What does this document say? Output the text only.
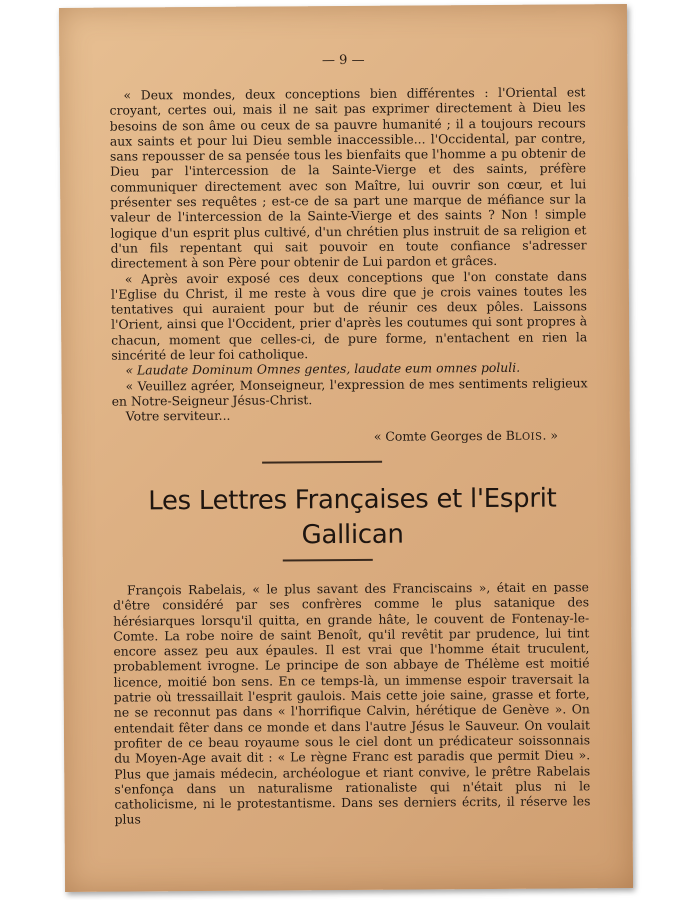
— 9 —

« Deux mondes, deux conceptions bien différentes : l'Oriental est croyant, certes oui, mais il ne sait pas exprimer directement à Dieu les besoins de son âme ou ceux de sa pauvre humanité ; il a toujours recours aux saints et pour lui Dieu semble inaccessible... l'Occidental, par contre, sans repousser de sa pensée tous les bienfaits que l'homme a pu obtenir de Dieu par l'intercession de la Sainte-Vierge et des saints, préfère communiquer directement avec son Maître, lui ouvrir son cœur, et lui présenter ses requêtes ; est-ce de sa part une marque de méfiance sur la valeur de l'intercession de la Sainte-Vierge et des saints ? Non ! simple logique d'un esprit plus cultivé, d'un chrétien plus instruit de sa religion et d'un fils repentant qui sait pouvoir en toute confiance s'adresser directement à son Père pour obtenir de Lui pardon et grâces.

« Après avoir exposé ces deux conceptions que l'on constate dans l'Eglise du Christ, il me reste à vous dire que je crois vaines toutes les tentatives qui auraient pour but de réunir ces deux pôles. Laissons l'Orient, ainsi que l'Occident, prier d'après les coutumes qui sont propres à chacun, moment que celles-ci, de pure forme, n'entachent en rien la sincérité de leur foi catholique.

« Laudate Dominum Omnes gentes, laudate eum omnes poluli.

« Veuillez agréer, Monseigneur, l'expression de mes sentiments religieux en Notre-Seigneur Jésus-Christ.

Votre serviteur...

« Comte Georges de BLOIS. »
Les Lettres Françaises et l'Esprit
Gallican

François Rabelais, « le plus savant des Franciscains », était en passe d'être considéré par ses confrères comme le plus satanique des hérésiarques lorsqu'il quitta, en grande hâte, le couvent de Fontenay-le-Comte. La robe noire de saint Benoît, qu'il revêtit par prudence, lui tint encore assez peu aux épaules. Il est vrai que l'homme était truculent, probablement ivrogne. Le principe de son abbaye de Thélème est moitié licence, moitié bon sens. En ce temps-là, un immense espoir traversait la patrie où tressaillait l'esprit gaulois. Mais cette joie saine, grasse et forte, ne se reconnut pas dans « l'horrifique Calvin, hérétique de Genève ». On entendait fêter dans ce monde et dans l'autre Jésus le Sauveur. On voulait profiter de ce beau royaume sous le ciel dont un prédicateur soissonnais du Moyen-Age avait dit : « Le règne Franc est paradis que permit Dieu ». Plus que jamais médecin, archéologue et riant convive, le prêtre Rabelais s'enfonça dans un naturalisme rationaliste qui n'était plus ni le catholicisme, ni le protestantisme. Dans ses derniers écrits, il réserve les plus
